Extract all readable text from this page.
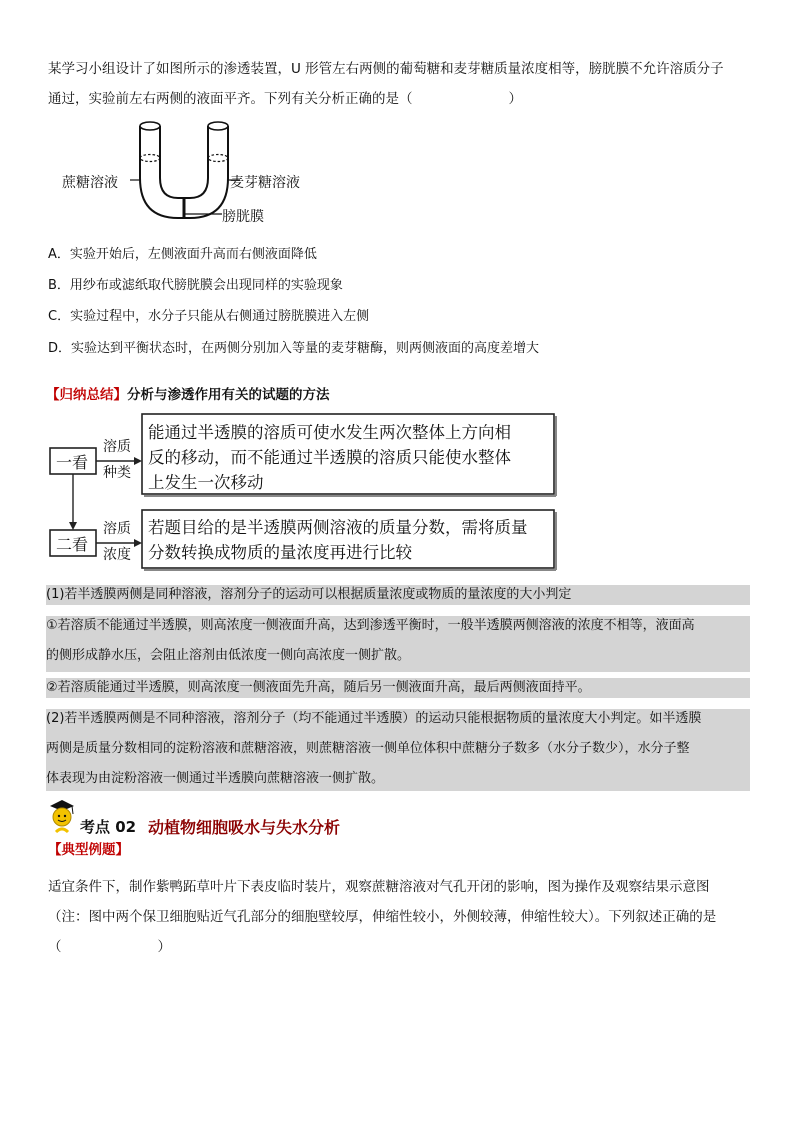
某学习小组设计了如图所示的渗透装置，U 形管左右两侧的葡萄糖和麦芽糖质量浓度相等，膀胱膜不允许溶质分子

通过，实验前左右两侧的液面平齐。下列有关分析正确的是（	）

蔗糖溶液	麦芽糖溶液
膀胱膜
A．实验开始后，左侧液面升高而右侧液面降低
B．用纱布或滤纸取代膀胱膜会出现同样的实验现象
C．实验过程中，水分子只能从右侧通过膀胱膜进入左侧
D．实验达到平衡状态时，在两侧分别加入等量的麦芽糖酶，则两侧液面的高度差增大
【归纳总结】分析与渗透作用有关的试题的方法
一看
二看
溶质
种类
溶质
浓度
能通过半透膜的溶质可使水发生两次整体上方向相
反的移动，而不能通过半透膜的溶质只能使水整体
上发生一次移动
若题目给的是半透膜两侧溶液的质量分数，需将质量
分数转换成物质的量浓度再进行比较

(1)若半透膜两侧是同种溶液，溶剂分子的运动可以根据质量浓度或物质的量浓度的大小判定

①若溶质不能通过半透膜，则高浓度一侧液面升高，达到渗透平衡时，一般半透膜两侧溶液的浓度不相等，液面高

的侧形成静水压，会阻止溶剂由低浓度一侧向高浓度一侧扩散。

②若溶质能通过半透膜，则高浓度一侧液面先升高，随后另一侧液面升高，最后两侧液面持平。

(2)若半透膜两侧是不同种溶液，溶剂分子（均不能通过半透膜）的运动只能根据物质的量浓度大小判定。如半透膜

两侧是质量分数相同的淀粉溶液和蔗糖溶液，则蔗糖溶液一侧单位体积中蔗糖分子数多（水分子数少），水分子整

体表现为由淀粉溶液一侧通过半透膜向蔗糖溶液一侧扩散。

考点 02 动植物细胞吸水与失水分析
【典型例题】

适宜条件下，制作紫鸭跖草叶片下表皮临时装片，观察蔗糖溶液对气孔开闭的影响，图为操作及观察结果示意图

（注：图中两个保卫细胞贴近气孔部分的细胞壁较厚，伸缩性较小，外侧较薄，伸缩性较大）。下列叙述正确的是

（	）
